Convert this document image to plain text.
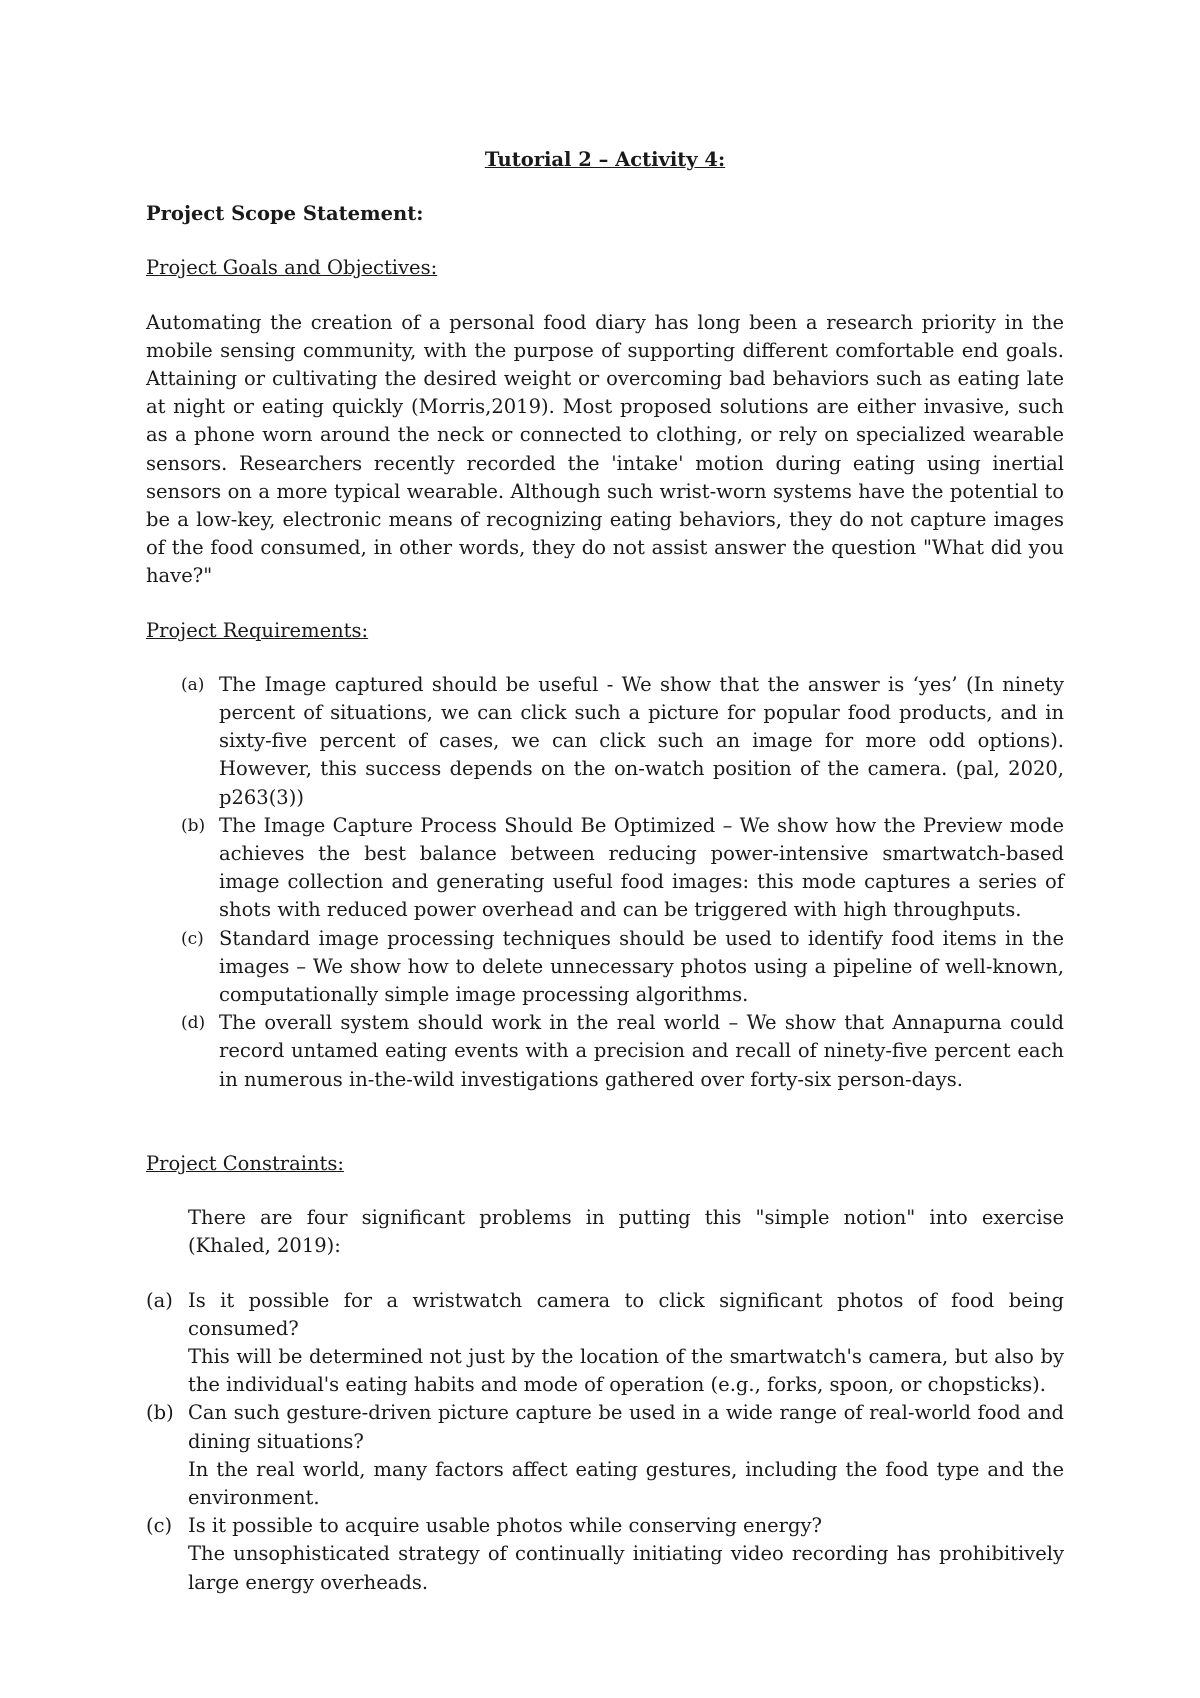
Tutorial 2 – Activity 4:
Project Scope Statement:
Project Goals and Objectives:
Automating the creation of a personal food diary has long been a research priority in the mobile sensing community, with the purpose of supporting different comfortable end goals. Attaining or cultivating the desired weight or overcoming bad behaviors such as eating late at night or eating quickly (Morris,2019). Most proposed solutions are either invasive, such as a phone worn around the neck or connected to clothing, or rely on specialized wearable sensors. Researchers recently recorded the 'intake' motion during eating using inertial sensors on a more typical wearable. Although such wrist-worn systems have the potential to be a low-key, electronic means of recognizing eating behaviors, they do not capture images of the food consumed, in other words, they do not assist answer the question "What did you have?"
Project Requirements:
(a) The Image captured should be useful - We show that the answer is ‘yes’ (In ninety percent of situations, we can click such a picture for popular food products, and in sixty-five percent of cases, we can click such an image for more odd options). However, this success depends on the on-watch position of the camera. (pal, 2020, p263(3))
(b) The Image Capture Process Should Be Optimized – We show how the Preview mode achieves the best balance between reducing power-intensive smartwatch-based image collection and generating useful food images: this mode captures a series of shots with reduced power overhead and can be triggered with high throughputs.
(c) Standard image processing techniques should be used to identify food items in the images – We show how to delete unnecessary photos using a pipeline of well-known, computationally simple image processing algorithms.
(d) The overall system should work in the real world – We show that Annapurna could record untamed eating events with a precision and recall of ninety-five percent each in numerous in-the-wild investigations gathered over forty-six person-days.
Project Constraints:
There are four significant problems in putting this "simple notion" into exercise (Khaled, 2019):
(a) Is it possible for a wristwatch camera to click significant photos of food being consumed?
This will be determined not just by the location of the smartwatch's camera, but also by the individual's eating habits and mode of operation (e.g., forks, spoon, or chopsticks).
(b) Can such gesture-driven picture capture be used in a wide range of real-world food and dining situations?
In the real world, many factors affect eating gestures, including the food type and the environment.
(c) Is it possible to acquire usable photos while conserving energy?
The unsophisticated strategy of continually initiating video recording has prohibitively large energy overheads.
